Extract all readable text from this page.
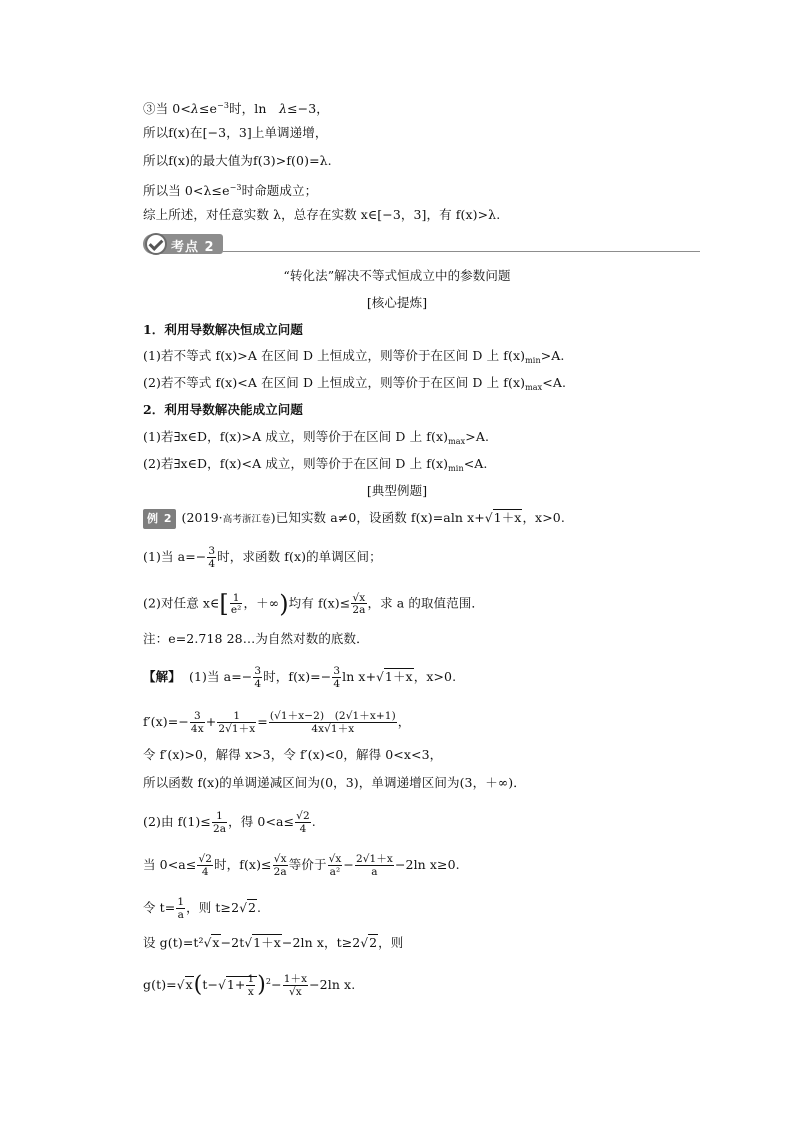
③当 $0<\lambda\le e^{-3}$时，ln　λ≤−3，
所以f(x)在[−3，3]上单调递增，
所以f(x)的最大值为f(3)>f(0)=λ.
所以当 $0<\lambda\le e^{-3}$时命题成立；
综上所述，对任意实数 λ，总存在实数 x∈[−3，3]，有 f(x)>λ.
考点 2
“转化法”解决不等式恒成立中的参数问题
[核心提炼]
1．利用导数解决恒成立问题
(1)若不等式 f(x)>A 在区间 D 上恒成立，则等价于在区间 D 上 $f(x)_{min}>A$.
(2)若不等式 f(x)<A 在区间 D 上恒成立，则等价于在区间 D 上 $f(x)_{max}<A$.
2．利用导数解决能成立问题
(1)若∃x∈D，f(x)>A 成立，则等价于在区间 D 上 $f(x)_{max}>A$.
(2)若∃x∈D，f(x)<A 成立，则等价于在区间 D 上 $f(x)_{min}<A$.
[典型例题]
例 2 (2019·高考浙江卷)已知实数 a≠0，设函数 f(x)=aln x+√1＋x，x>0.
(1)当 $a=- \frac{3}{4}$ 时，求函数 f(x)的单调区间；
(2)对任意 x∈[ $\frac{1}{\text{e²}}$ ，＋∞)均有 $f(x)\le \frac{√x}{2a}$ ，求 a 的取值范围．
注：e=2.718 28…为自然对数的底数．
【解】 (1)当 $a=- \frac{3}{4}$ 时，$f(x)=- \frac{3}{4}$ ln x+√1＋x，x>0.
$f'(x)=- \frac{3}{4x} + \frac{1}{2√1+x} = \frac{(√1+x-2) (2√1+x+1)}{4x√1+x}$ ，
令 f′(x)>0，解得 x>3，令 f′(x)<0，解得 0<x<3，
所以函数 f(x)的单调递减区间为(0，3)，单调递增区间为(3，＋∞)．
(2)由 $f(1)\le \frac{1}{2a}$ ，得 $0<a\le \frac{√2}{4}$ .
当 $0<a\le \frac{√2}{4}$ 时，$f(x)\le \frac{√x}{2a}$ 等价于 $\frac{√x}{\text{a²}} - \frac{2√1+x}{a} -2\ln$ x≥0.
令 $t= \frac{1}{a}$ ，则 t≥2√2.
设 g(t)=t²√x−2t√1＋x−2ln x，t≥2√2，则
$g(t)=√x(t-√1+ \frac{1}{x} )^2- \frac{1+x}{√x} -2\ln$ x.
